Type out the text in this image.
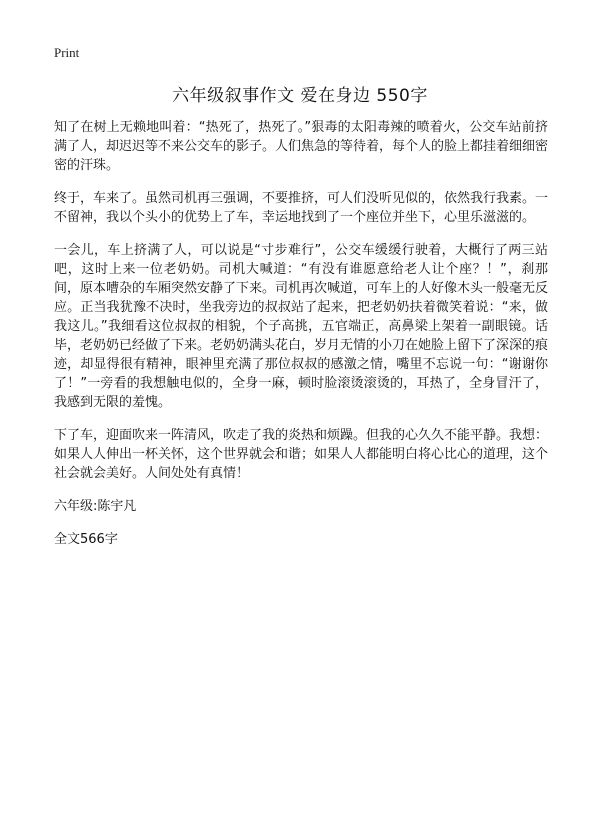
Print
六年级叙事作文 爱在身边 550字

知了在树上无赖地叫着：“热死了，热死了。”狠毒的太阳毒辣的喷着火，公交车站前挤满了人，却迟迟等不来公交车的影子。人们焦急的等待着，每个人的脸上都挂着细细密密的汗珠。

终于，车来了。虽然司机再三强调，不要推挤，可人们没听见似的，依然我行我素。一不留神，我以个头小的优势上了车，幸运地找到了一个座位并坐下，心里乐滋滋的。

一会儿，车上挤满了人，可以说是“寸步难行”，公交车缓缓行驶着，大概行了两三站吧，这时上来一位老奶奶。司机大喊道：“有没有谁愿意给老人让个座？！”，刹那间，原本嘈杂的车厢突然安静了下来。司机再次喊道，可车上的人好像木头一般毫无反应。正当我犹豫不决时，坐我旁边的叔叔站了起来，把老奶奶扶着微笑着说：“来，做我这儿。”我细看这位叔叔的相貌，个子高挑，五官端正，高鼻梁上架着一副眼镜。话毕，老奶奶已经做了下来。老奶奶满头花白，岁月无情的小刀在她脸上留下了深深的痕迹，却显得很有精神，眼神里充满了那位叔叔的感激之情，嘴里不忘说一句：“谢谢你了！”一旁看的我想触电似的，全身一麻，顿时脸滚烫滚烫的，耳热了，全身冒汗了，我感到无限的羞愧。

下了车，迎面吹来一阵清风，吹走了我的炎热和烦躁。但我的心久久不能平静。我想：如果人人伸出一杯关怀，这个世界就会和谐；如果人人都能明白将心比心的道理，这个社会就会美好。人间处处有真情！

六年级:陈宇凡

全文566字
